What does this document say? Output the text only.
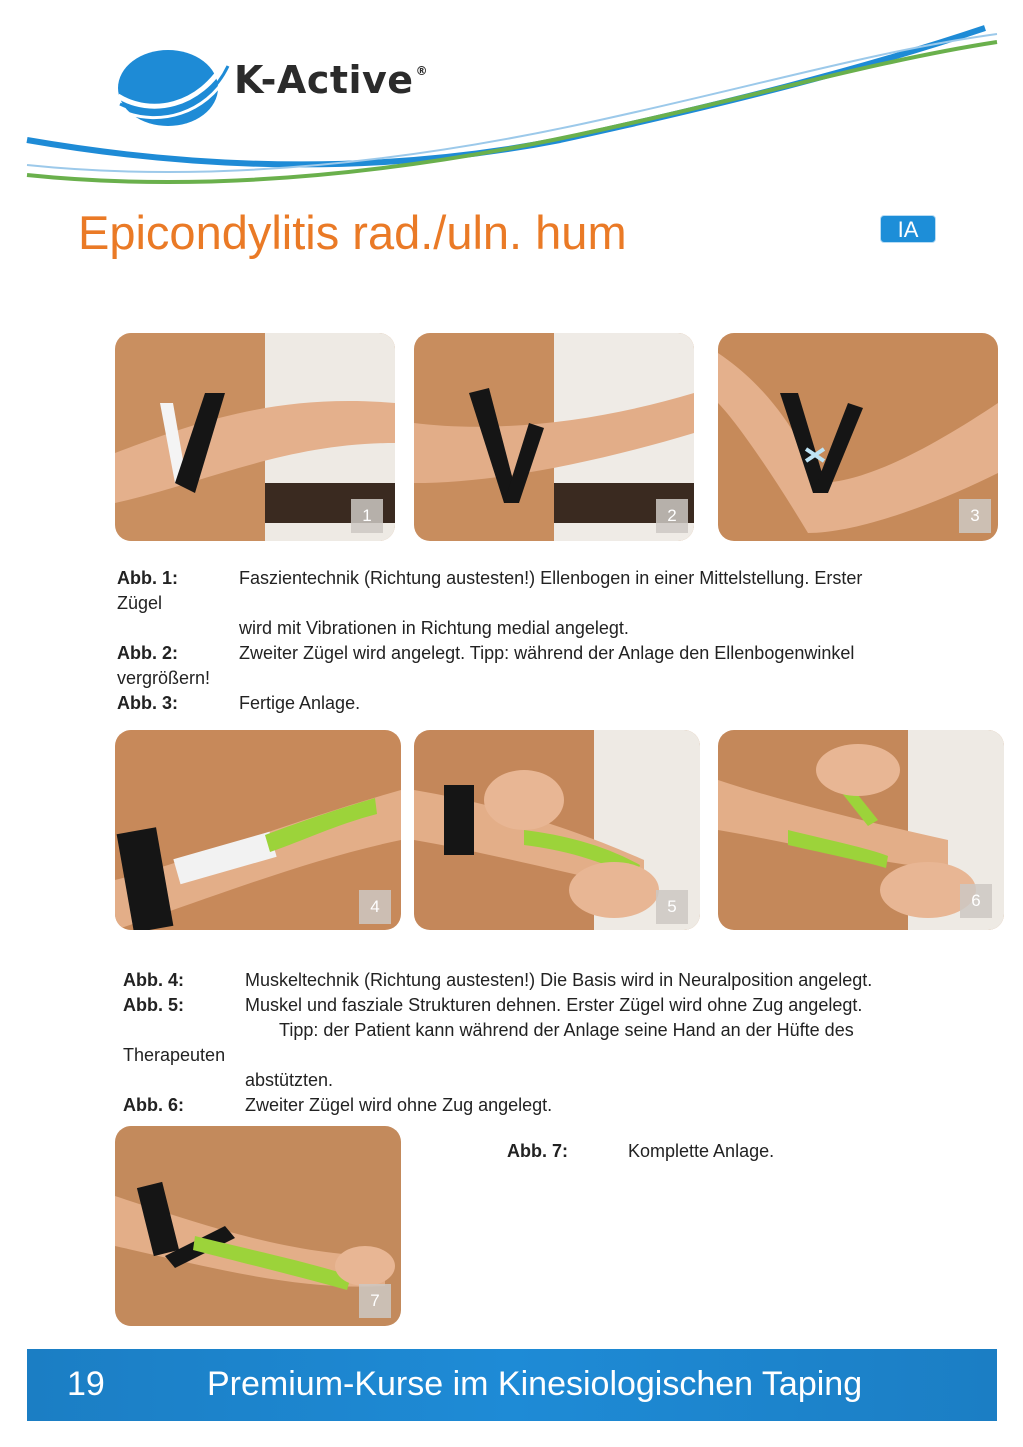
K-Active ®
Epicondylitis rad./uln. hum	IA
1	2	3
Abb. 1:	Faszientechnik (Richtung austesten!) Ellenbogen in einer Mittelstellung. Erster
Zügel
wird mit Vibrationen in Richtung medial angelegt.
Abb. 2:	Zweiter Zügel wird angelegt. Tipp: während der Anlage den Ellenbogenwinkel
vergrößern!
Abb. 3:	Fertige Anlage.
4	5	6
Abb. 4:	Muskeltechnik (Richtung austesten!) Die Basis wird in Neuralposition angelegt.
Abb. 5:	Muskel und fasziale Strukturen dehnen. Erster Zügel wird ohne Zug angelegt.
Tipp: der Patient kann während der Anlage seine Hand an der Hüfte des
Therapeuten
abstützten.
Abb. 6:	Zweiter Zügel wird ohne Zug angelegt.
7
Abb. 7:	Komplette Anlage.
19	Premium-Kurse im Kinesiologischen Taping
